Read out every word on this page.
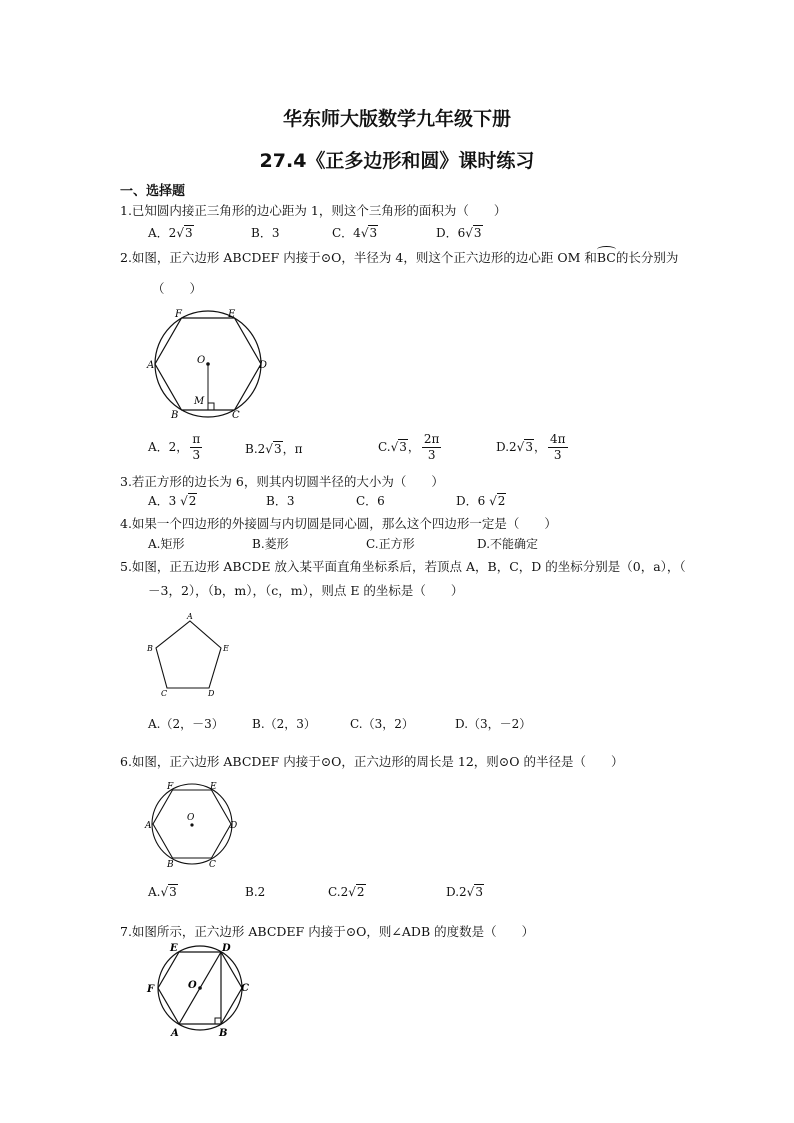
华东师大版数学九年级下册
27.4《正多边形和圆》课时练习
一、选择题
1.已知圆内接正三角形的边心距为 1，则这个三角形的面积为（　　）
A．2√3	B．3	C．4√3	D．6√3
2.如图，正六边形 ABCDEF 内接于⊙O，半径为 4，则这个正六边形的边心距 OM 和
BC的长分别为
（　　）
F	E
A	D
O
M
B	C
A．2， $\frac{\pi}{3}$	B.2√3，π	C.√3， $\frac{2\pi}{3}$	D.2√3， $\frac{4\pi}{3}$
3.若正方形的边长为 6，则其内切圆半径的大小为（　　）
A．3 √2	B．3	C．6	D．6 √2
4.如果一个四边形的外接圆与内切圆是同心圆，那么这个四边形一定是（　　）
A.矩形	B.菱形	C.正方形	D.不能确定
5.如图，正五边形 ABCDE 放入某平面直角坐标系后，若顶点 A，B，C，D 的坐标分别是（0，a），（
－3，2），（b，m），（c，m），则点 E 的坐标是（　　）
A
B
C	D
E
A.（2，－3） B.（2，3）	C.（3，2）	D.（3，－2）
6.如图，正六边形 ABCDEF 内接于⊙O，正六边形的周长是 12，则⊙O 的半径是（　　）
F	E
A	D
O
B	C
A.√3	B.2	C.2√2	D.2√3
7.如图所示，正六边形 ABCDEF 内接于⊙O，则∠ADB 的度数是（　　）
E	D
F	O	C
A	B
